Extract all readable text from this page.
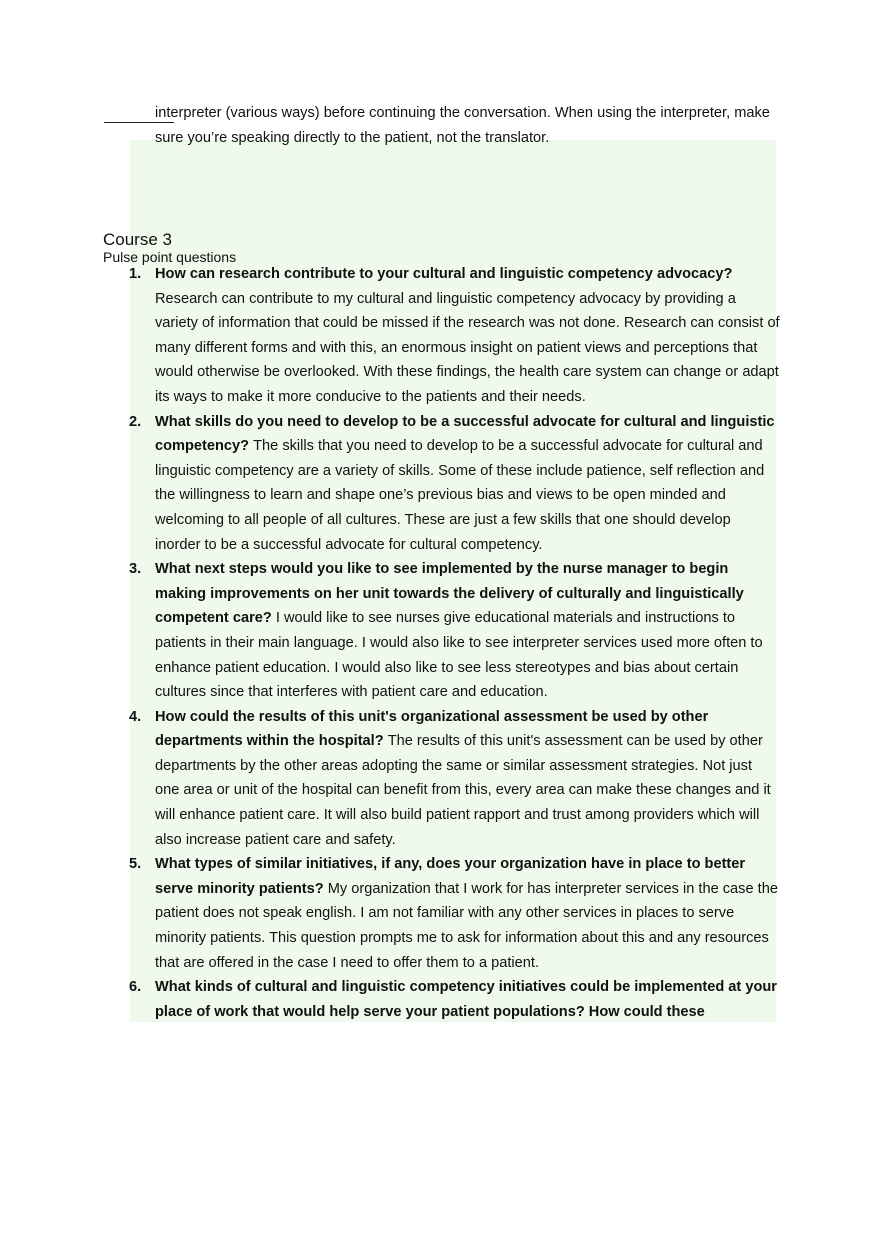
interpreter (various ways) before continuing the conversation. When using the interpreter, make sure you’re speaking directly to the patient, not the translator.

Course 3
Pulse point questions
1. How can research contribute to your cultural and linguistic competency advocacy? Research can contribute to my cultural and linguistic competency advocacy by providing a variety of information that could be missed if the research was not done. Research can consist of many different forms and with this, an enormous insight on patient views and perceptions that would otherwise be overlooked. With these findings, the health care system can change or adapt its ways to make it more conducive to the patients and their needs.
2. What skills do you need to develop to be a successful advocate for cultural and linguistic competency? The skills that you need to develop to be a successful advocate for cultural and linguistic competency are a variety of skills. Some of these include patience, self reflection and the willingness to learn and shape one’s previous bias and views to be open minded and welcoming to all people of all cultures. These are just a few skills that one should develop inorder to be a successful advocate for cultural competency.
3. What next steps would you like to see implemented by the nurse manager to begin making improvements on her unit towards the delivery of culturally and linguistically competent care? I would like to see nurses give educational materials and instructions to patients in their main language. I would also like to see interpreter services used more often to enhance patient education. I would also like to see less stereotypes and bias about certain cultures since that interferes with patient care and education.
4. How could the results of this unit's organizational assessment be used by other departments within the hospital? The results of this unit's assessment can be used by other departments by the other areas adopting the same or similar assessment strategies. Not just one area or unit of the hospital can benefit from this, every area can make these changes and it will enhance patient care. It will also build patient rapport and trust among providers which will also increase patient care and safety.
5. What types of similar initiatives, if any, does your organization have in place to better serve minority patients? My organization that I work for has interpreter services in the case the patient does not speak english. I am not familiar with any other services in places to serve minority patients. This question prompts me to ask for information about this and any resources that are offered in the case I need to offer them to a patient.
6. What kinds of cultural and linguistic competency initiatives could be implemented at your place of work that would help serve your patient populations? How could these
